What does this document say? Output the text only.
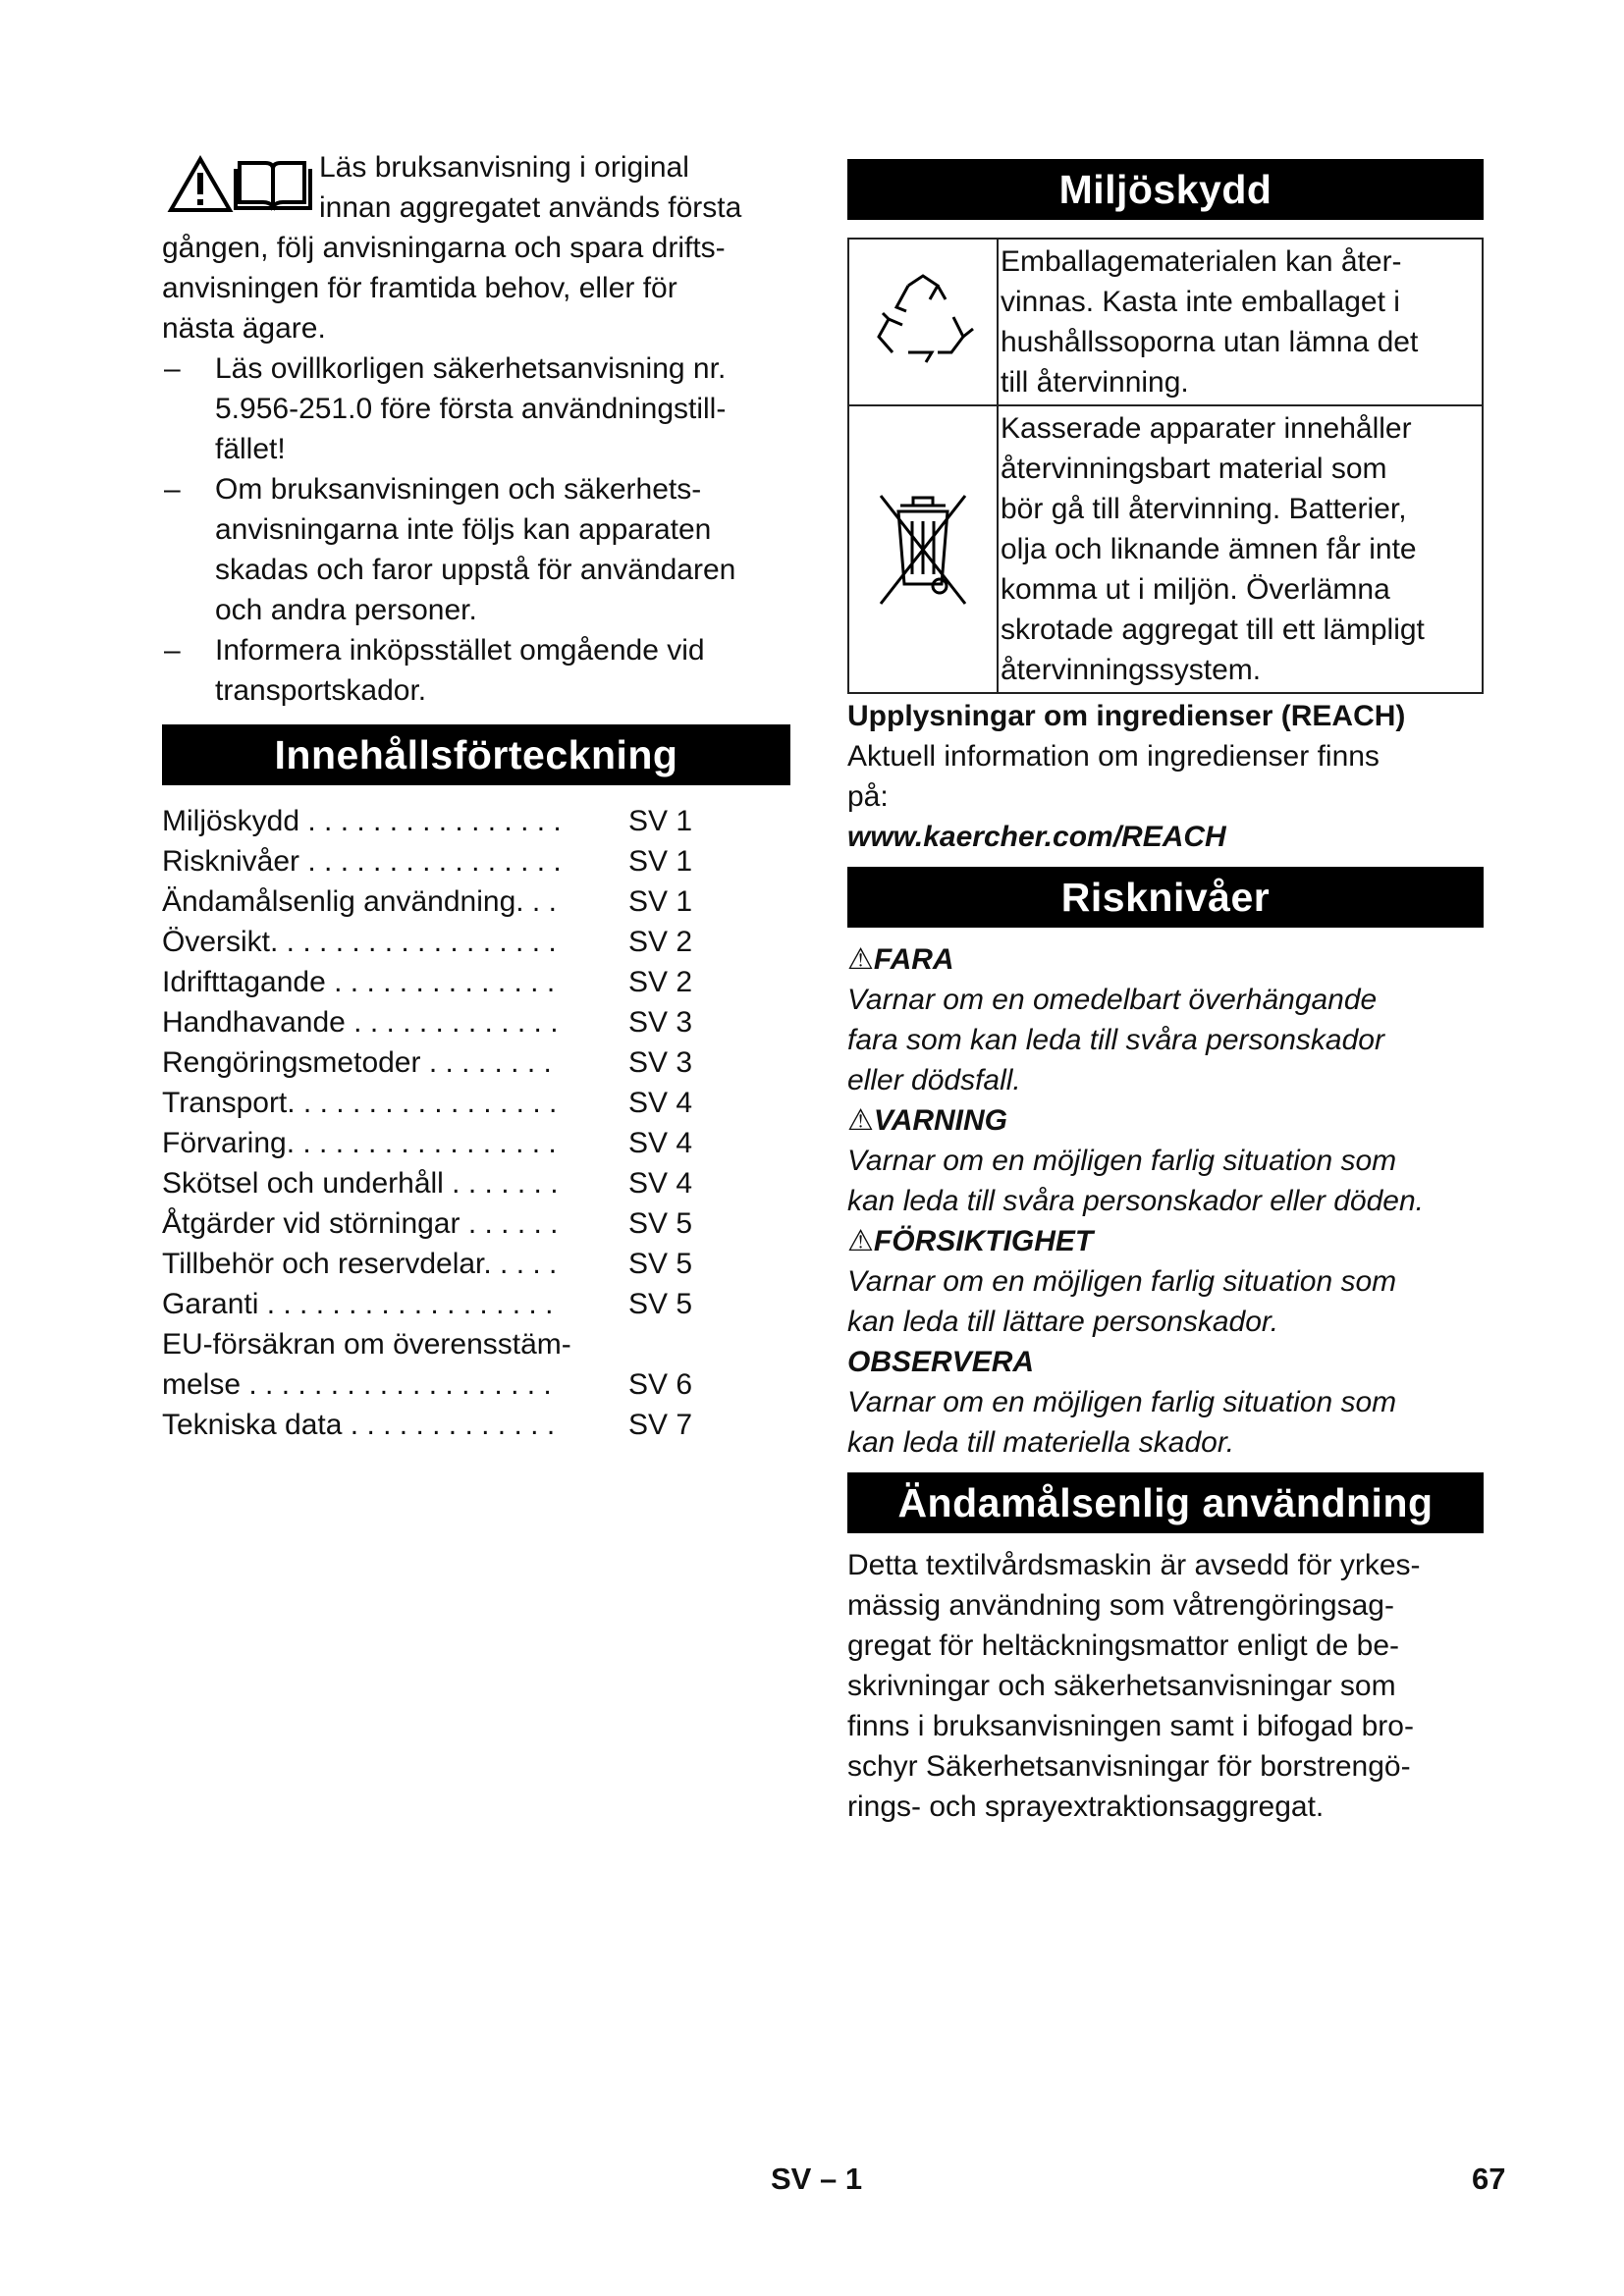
Läs bruksanvisning i original

innan aggregatet används första

gången, följ anvisningarna och spara drifts-

anvisningen för framtida behov, eller för

nästa ägare.

– Läs ovillkorligen säkerhetsanvisning nr.

5.956-251.0 före första användningstill-

fället!

– Om bruksanvisningen och säkerhets-

anvisningarna inte följs kan apparaten

skadas och faror uppstå för användaren

och andra personer.

– Informera inköpsstället omgående vid

transportskador.

Innehållsförteckning
Miljöskydd . . . . . . . . . . . . . . . . SV 1
Risknivåer . . . . . . . . . . . . . . . . SV 1
Ändamålsenlig användning. . . SV 1
Översikt. . . . . . . . . . . . . . . . . . SV 2
Idrifttagande . . . . . . . . . . . . . . SV 2
Handhavande . . . . . . . . . . . . . SV 3
Rengöringsmetoder . . . . . . . .	SV 3
Transport. . . . . . . . . . . . . . . . . SV 4
Förvaring. . . . . . . . . . . . . . . . . SV 4
Skötsel och underhåll . . . . . . . SV 4
Åtgärder vid störningar . . . . . . SV 5
Tillbehör och reservdelar. . . . . SV 5
Garanti . . . . . . . . . . . . . . . . . .	SV 5
EU-försäkran om överensstäm-
melse . . . . . . . . . . . . . . . . . . .	SV 6
Tekniska data . . . . . . . . . . . . . SV 7
Miljöskydd

Emballagematerialen kan åter-

vinnas. Kasta inte emballaget i

hushållssoporna utan lämna det

till återvinning.

Kasserade apparater innehåller

återvinningsbart material som

bör gå till återvinning. Batterier,

olja och liknande ämnen får inte

komma ut i miljön. Överlämna

skrotade aggregat till ett lämpligt

återvinningssystem.

Upplysningar om ingredienser (REACH)

Aktuell information om ingredienser finns

på:

www.kaercher.com/REACH

Risknivåer

⚠FARA

Varnar om en omedelbart överhängande

fara som kan leda till svåra personskador

eller dödsfall.

⚠VARNING

Varnar om en möjligen farlig situation som

kan leda till svåra personskador eller döden.

⚠FÖRSIKTIGHET

Varnar om en möjligen farlig situation som

kan leda till lättare personskador.

OBSERVERA

Varnar om en möjligen farlig situation som

kan leda till materiella skador.

Ändamålsenlig användning

Detta textilvårdsmaskin är avsedd för yrkes-

mässig användning som våtrengöringsag-

gregat för heltäckningsmattor enligt de be-

skrivningar och säkerhetsanvisningar som

finns i bruksanvisningen samt i bifogad bro-

schyr Säkerhetsanvisningar för borstrengö-

rings- och sprayextraktionsaggregat.

SV – 1	67
